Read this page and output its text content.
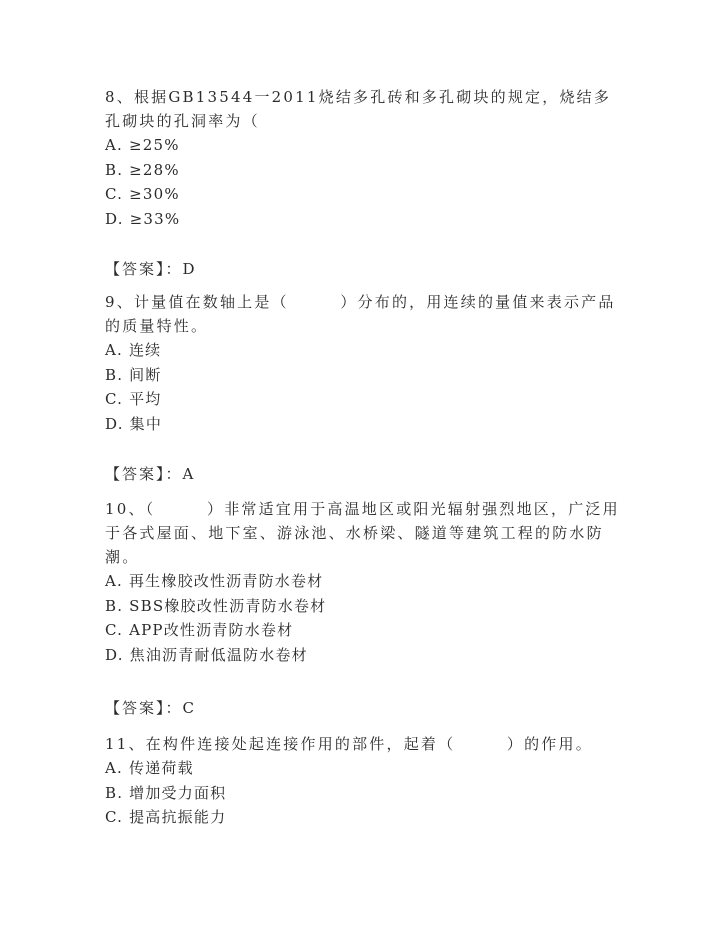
8、根据GB13544一2011烧结多孔砖和多孔砌块的规定，烧结多孔砌块的孔洞率为（

A. ≥25%

B. ≥28%

C. ≥30%

D. ≥33%

【答案】：D

9、计量值在数轴上是（　　　）分布的，用连续的量值来表示产品的质量特性。

A. 连续

B. 间断

C. 平均

D. 集中

【答案】：A

10、（　　　）非常适宜用于高温地区或阳光辐射强烈地区，广泛用于各式屋面、地下室、游泳池、水桥梁、隧道等建筑工程的防水防潮。

A. 再生橡胶改性沥青防水卷材

B. SBS橡胶改性沥青防水卷材

C. APP改性沥青防水卷材

D. 焦油沥青耐低温防水卷材

【答案】：C

11、在构件连接处起连接作用的部件，起着（　　　）的作用。

A. 传递荷载

B. 增加受力面积

C. 提高抗振能力
